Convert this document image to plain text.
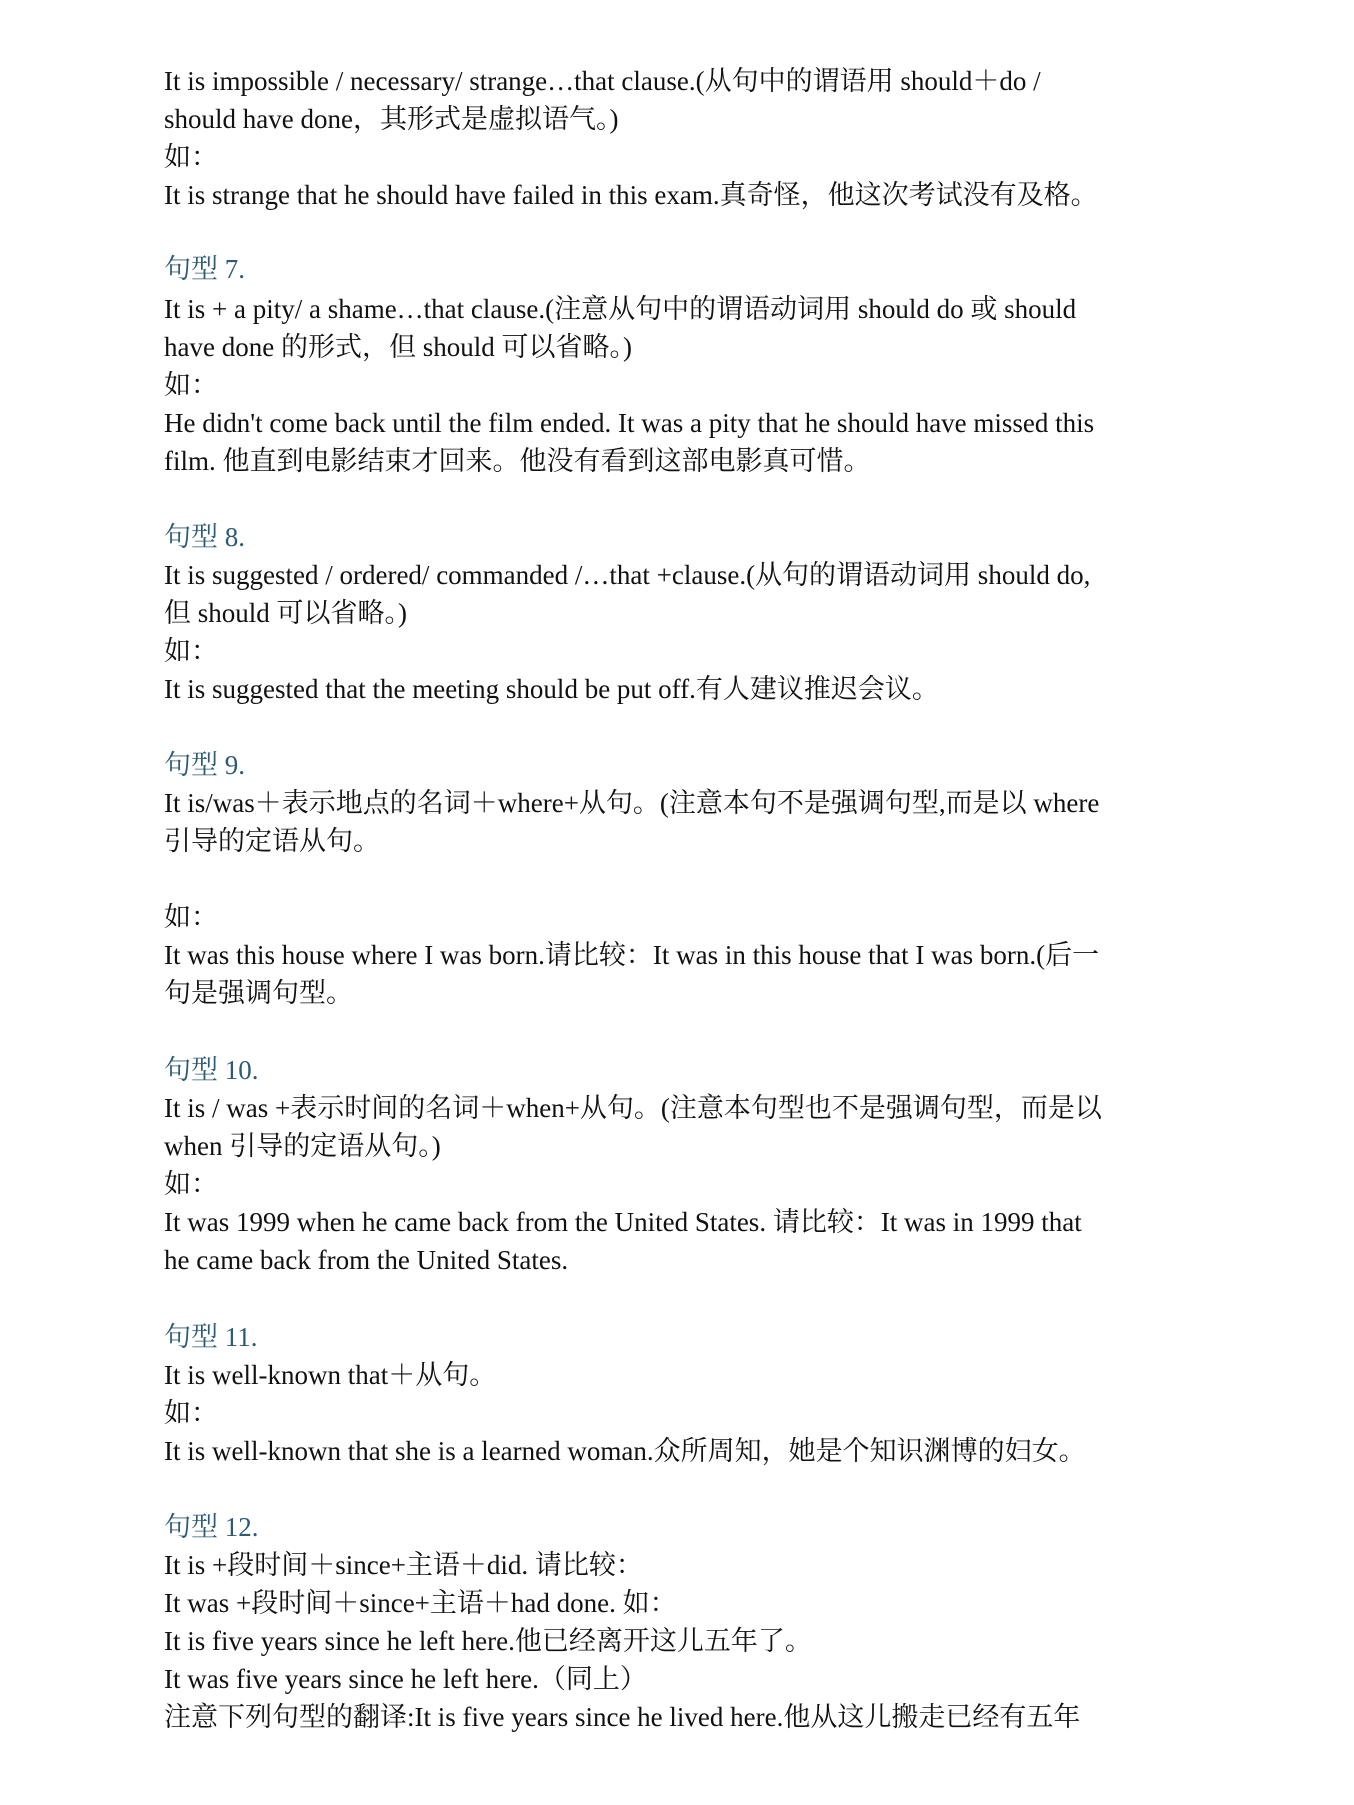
It is impossible / necessary/ strange…that clause.(从句中的谓语用 should＋do /
should have done，其形式是虚拟语气。)
如：
It is strange that he should have failed in this exam.真奇怪，他这次考试没有及格。
句型 7.
It is + a pity/ a shame…that clause.(注意从句中的谓语动词用 should do 或 should
have done 的形式，但 should 可以省略。)
如：
He didn't come back until the film ended. It was a pity that he should have missed this
film. 他直到电影结束才回来。他没有看到这部电影真可惜。
句型 8.
It is suggested / ordered/ commanded /…that +clause.(从句的谓语动词用 should do,
但 should 可以省略。)
如：
It is suggested that the meeting should be put off.有人建议推迟会议。
句型 9.
It is/was＋表示地点的名词＋where+从句。(注意本句不是强调句型,而是以 where
引导的定语从句。
如：
It was this house where I was born.请比较：It was in this house that I was born.(后一
句是强调句型。
句型 10.
It is / was +表示时间的名词＋when+从句。(注意本句型也不是强调句型，而是以
when 引导的定语从句。)
如：
It was 1999 when he came back from the United States. 请比较：It was in 1999 that
he came back from the United States.
句型 11.
It is well-known that＋从句。
如：
It is well-known that she is a learned woman.众所周知，她是个知识渊博的妇女。
句型 12.
It is +段时间＋since+主语＋did. 请比较：
It was +段时间＋since+主语＋had done. 如：
It is five years since he left here.他已经离开这儿五年了。
It was five years since he left here.（同上）
注意下列句型的翻译:It is five years since he lived here.他从这儿搬走已经有五年
